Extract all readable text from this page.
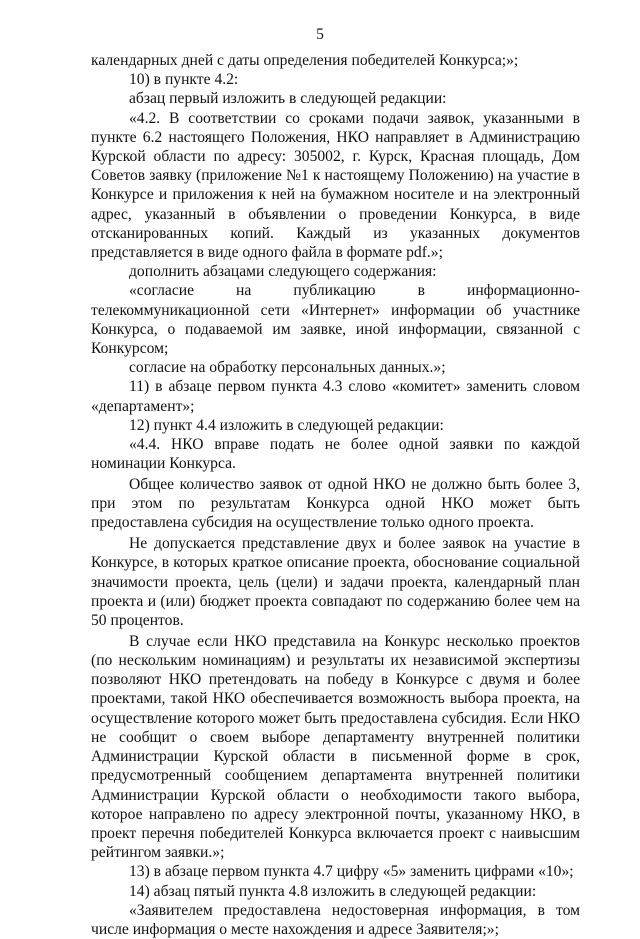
5

календарных дней с даты определения победителей Конкурса;»;

10) в пункте 4.2:

абзац первый изложить в следующей редакции:

«4.2. В соответствии со сроками подачи заявок, указанными в пункте 6.2 настоящего Положения, НКО направляет в Администрацию Курской области по адресу: 305002, г. Курск, Красная площадь, Дом Советов заявку (приложение №1 к настоящему Положению) на участие в Конкурсе и приложения к ней на бумажном носителе и на электронный адрес, указанный в объявлении о проведении Конкурса, в виде отсканированных копий. Каждый из указанных документов представляется в виде одного файла в формате pdf.»;

дополнить абзацами следующего содержания:

«согласие на публикацию в информационно-телекоммуникационной сети «Интернет» информации об участнике Конкурса, о подаваемой им заявке, иной информации, связанной с Конкурсом;

согласие на обработку персональных данных.»;

11) в абзаце первом пункта 4.3 слово «комитет» заменить словом «департамент»;

12) пункт 4.4 изложить в следующей редакции:

«4.4. НКО вправе подать не более одной заявки по каждой номинации Конкурса.

Общее количество заявок от одной НКО не должно быть более 3, при этом по результатам Конкурса одной НКО может быть предоставлена субсидия на осуществление только одного проекта.

Не допускается представление двух и более заявок на участие в Конкурсе, в которых краткое описание проекта, обоснование социальной значимости проекта, цель (цели) и задачи проекта, календарный план проекта и (или) бюджет проекта совпадают по содержанию более чем на 50 процентов.

В случае если НКО представила на Конкурс несколько проектов (по нескольким номинациям) и результаты их независимой экспертизы позволяют НКО претендовать на победу в Конкурсе с двумя и более проектами, такой НКО обеспечивается возможность выбора проекта, на осуществление которого может быть предоставлена субсидия. Если НКО не сообщит о своем выборе департаменту внутренней политики Администрации Курской области в письменной форме в срок, предусмотренный сообщением департамента внутренней политики Администрации Курской области о необходимости такого выбора, которое направлено по адресу электронной почты, указанному НКО, в проект перечня победителей Конкурса включается проект с наивысшим рейтингом заявки.»;

13) в абзаце первом пункта 4.7 цифру «5» заменить цифрами «10»;

14) абзац пятый пункта 4.8 изложить в следующей редакции:

«Заявителем предоставлена недостоверная информация, в том числе информация о месте нахождения и адресе Заявителя;»;
